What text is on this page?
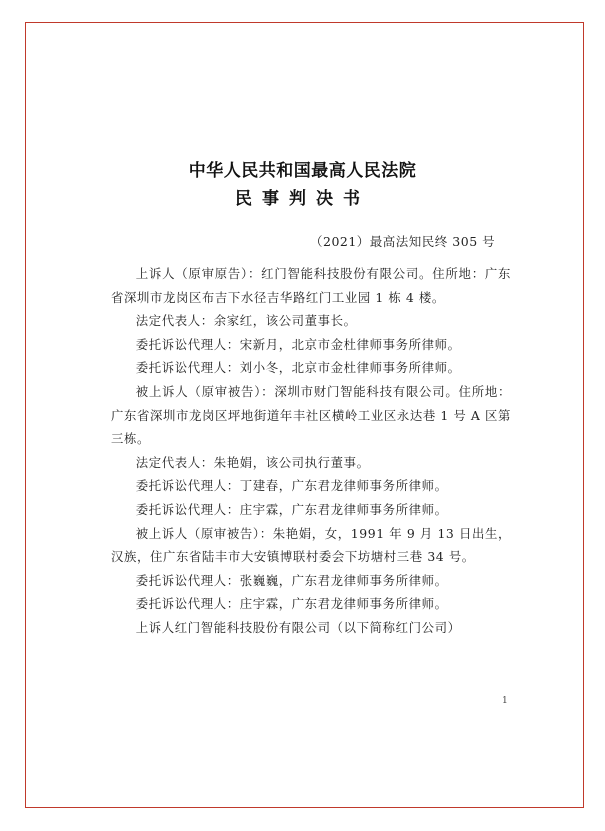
中华人民共和国最高人民法院
民事判决书
（2021）最高法知民终 305 号

上诉人（原审原告）：红门智能科技股份有限公司。住所地：广东省深圳市龙岗区布吉下水径吉华路红门工业园 1 栋 4 楼。

法定代表人：余家红，该公司董事长。

委托诉讼代理人：宋新月，北京市金杜律师事务所律师。

委托诉讼代理人：刘小冬，北京市金杜律师事务所律师。

被上诉人（原审被告）：深圳市财门智能科技有限公司。住所地：广东省深圳市龙岗区坪地街道年丰社区横岭工业区永达巷 1 号 A 区第三栋。

法定代表人：朱艳娟，该公司执行董事。

委托诉讼代理人：丁建春，广东君龙律师事务所律师。

委托诉讼代理人：庄宇霖，广东君龙律师事务所律师。

被上诉人（原审被告）：朱艳娟，女，1991 年 9 月 13 日出生，汉族，住广东省陆丰市大安镇博联村委会下坊塘村三巷 34 号。

委托诉讼代理人：张巍巍，广东君龙律师事务所律师。

委托诉讼代理人：庄宇霖，广东君龙律师事务所律师。

上诉人红门智能科技股份有限公司（以下简称红门公司）

1
